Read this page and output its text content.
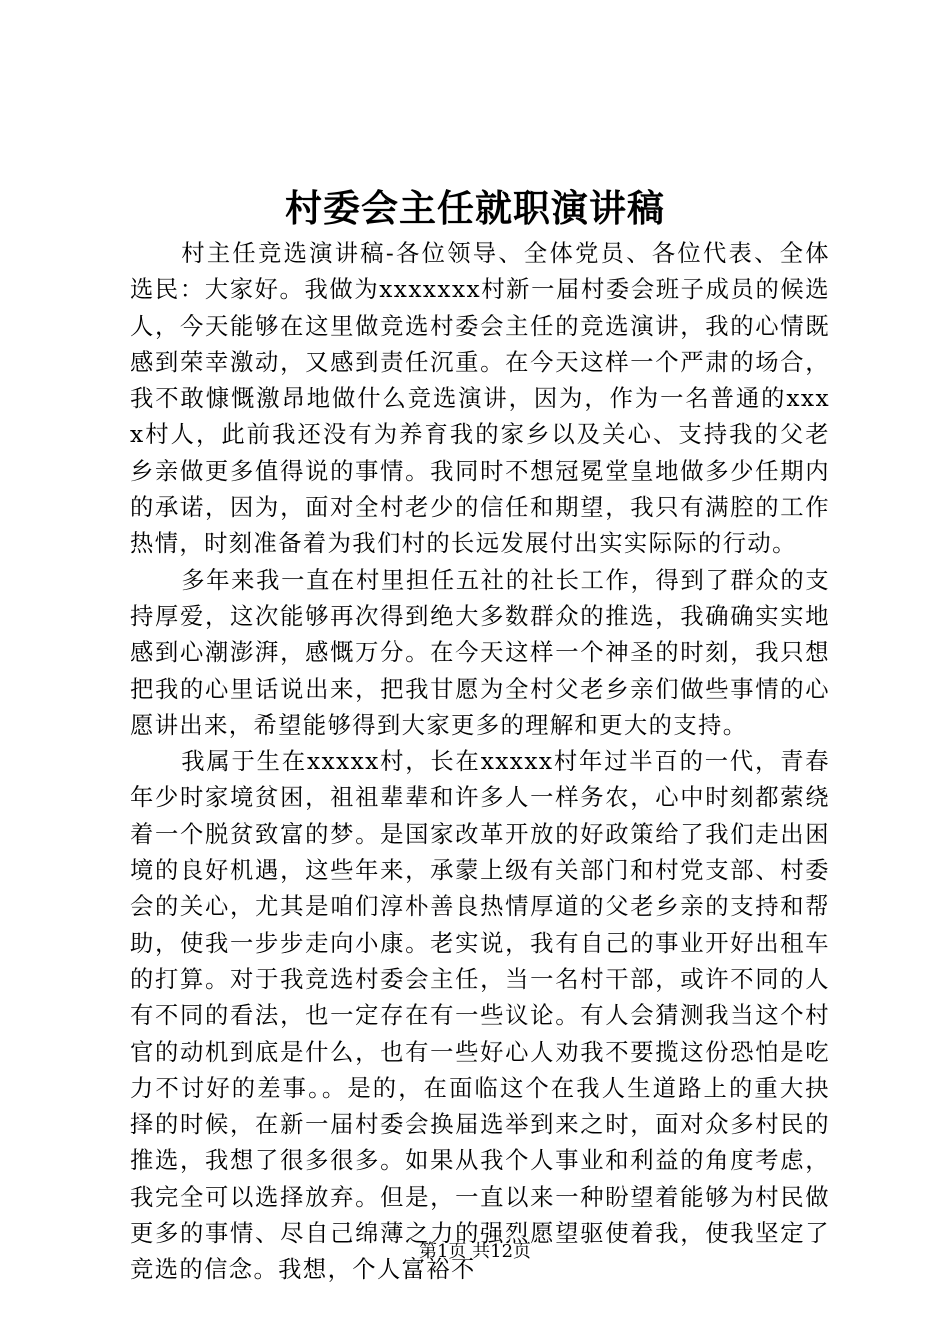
村委会主任就职演讲稿

村主任竞选演讲稿-各位领导、全体党员、各位代表、全体选民：大家好。我做为xxxxxxx村新一届村委会班子成员的候选人，今天能够在这里做竞选村委会主任的竞选演讲，我的心情既感到荣幸激动，又感到责任沉重。在今天这样一个严肃的场合，我不敢慷慨激昂地做什么竞选演讲，因为，作为一名普通的xxxx村人，此前我还没有为养育我的家乡以及关心、支持我的父老乡亲做更多值得说的事情。我同时不想冠冕堂皇地做多少任期内的承诺，因为，面对全村老少的信任和期望，我只有满腔的工作热情，时刻准备着为我们村的长远发展付出实实际际的行动。

多年来我一直在村里担任五社的社长工作，得到了群众的支持厚爱，这次能够再次得到绝大多数群众的推选，我确确实实地感到心潮澎湃，感慨万分。在今天这样一个神圣的时刻，我只想把我的心里话说出来，把我甘愿为全村父老乡亲们做些事情的心愿讲出来，希望能够得到大家更多的理解和更大的支持。

我属于生在xxxxx村，长在xxxxx村年过半百的一代，青春年少时家境贫困，祖祖辈辈和许多人一样务农，心中时刻都萦绕着一个脱贫致富的梦。是国家改革开放的好政策给了我们走出困境的良好机遇，这些年来，承蒙上级有关部门和村党支部、村委会的关心，尤其是咱们淳朴善良热情厚道的父老乡亲的支持和帮助，使我一步步走向小康。老实说，我有自己的事业开好出租车的打算。对于我竞选村委会主任，当一名村干部，或许不同的人有不同的看法，也一定存在有一些议论。有人会猜测我当这个村官的动机到底是什么，也有一些好心人劝我不要揽这份恐怕是吃力不讨好的差事。。是的，在面临这个在我人生道路上的重大抉择的时候，在新一届村委会换届选举到来之时，面对众多村民的推选，我想了很多很多。如果从我个人事业和利益的角度考虑，我完全可以选择放弃。但是，一直以来一种盼望着能够为村民做更多的事情、尽自己绵薄之力的强烈愿望驱使着我，使我坚定了竞选的信念。我想，个人富裕不

第1页 共12页
